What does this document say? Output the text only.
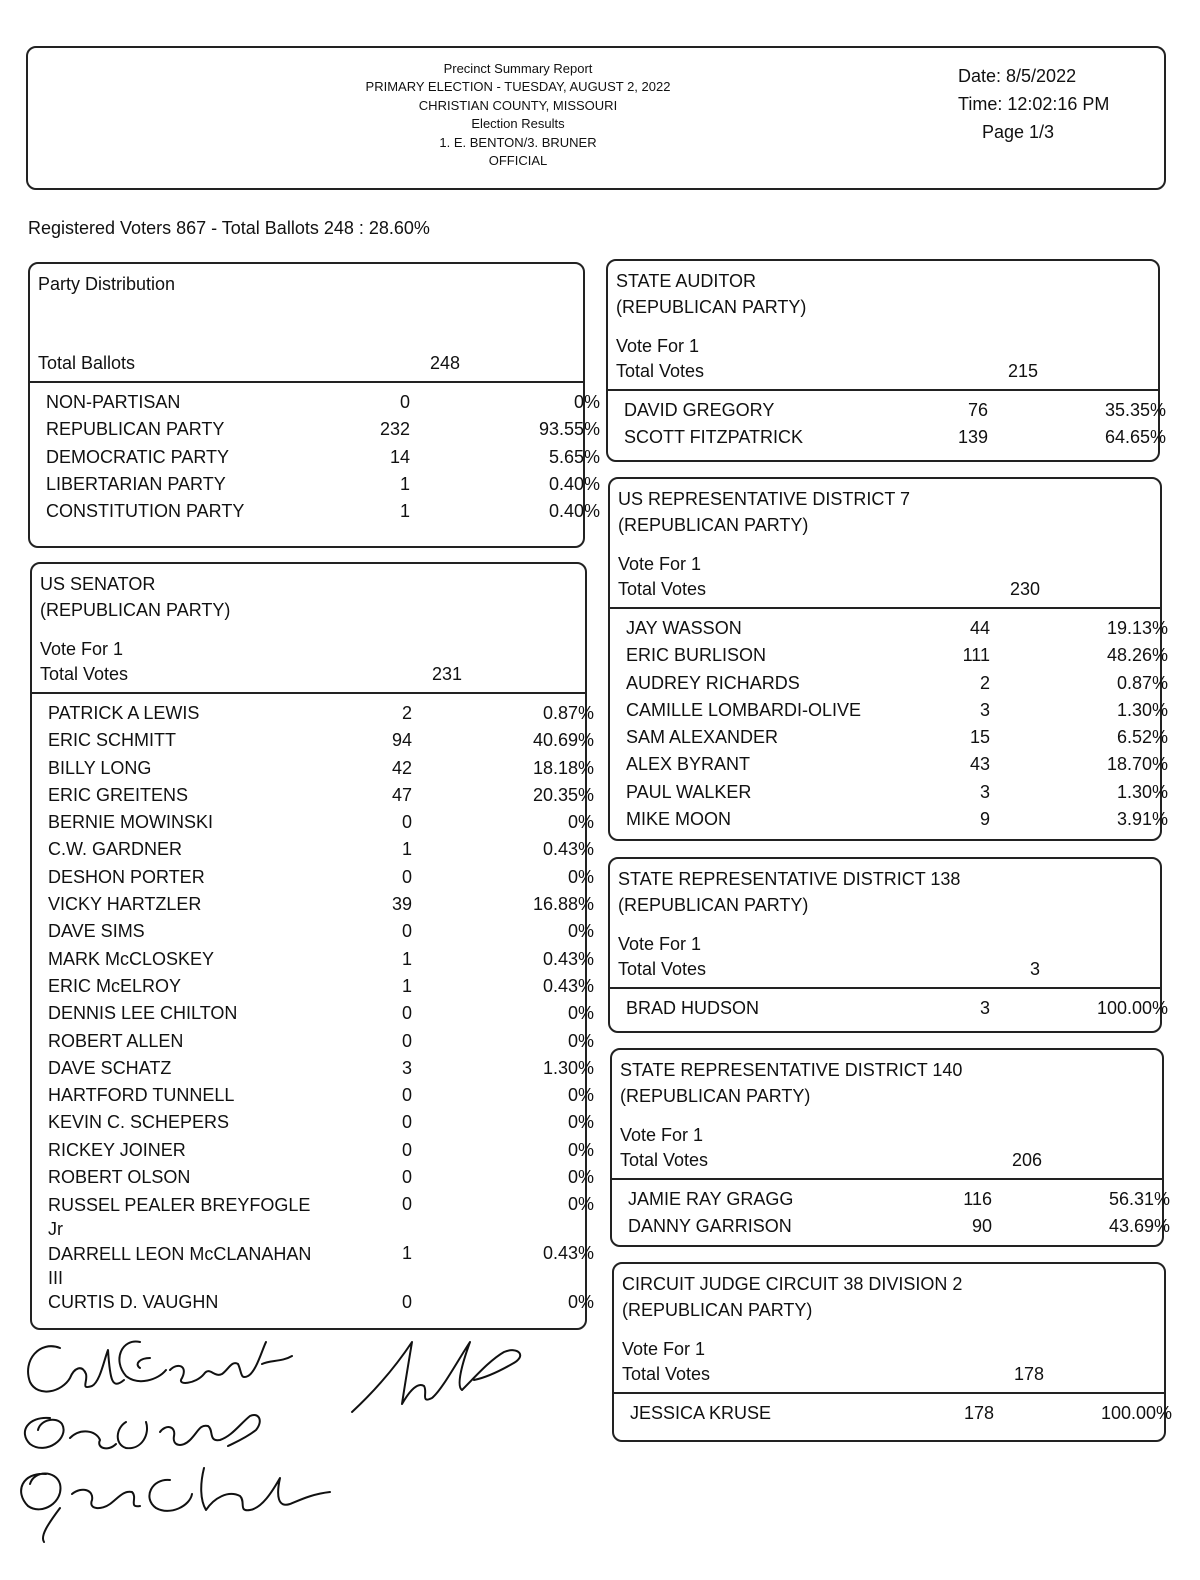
Precinct Summary Report
PRIMARY ELECTION - TUESDAY, AUGUST 2, 2022
CHRISTIAN COUNTY, MISSOURI
Election Results
1. E. BENTON/3. BRUNER
OFFICIAL
Date: 8/5/2022
Time: 12:02:16 PM
Page 1/3
Registered Voters 867 - Total Ballots 248 : 28.60%
Party Distribution
Total Ballots	248
NON-PARTISAN	0	0%
REPUBLICAN PARTY	232	93.55%
DEMOCRATIC PARTY	14	5.65%
LIBERTARIAN PARTY	1	0.40%
CONSTITUTION PARTY	1	0.40%
US SENATOR
(REPUBLICAN PARTY)
Vote For 1
Total Votes	231
PATRICK A LEWIS	2	0.87%
ERIC SCHMITT	94	40.69%
BILLY LONG	42	18.18%
ERIC GREITENS	47	20.35%
BERNIE MOWINSKI	0	0%
C.W. GARDNER	1	0.43%
DESHON PORTER	0	0%
VICKY HARTZLER	39	16.88%
DAVE SIMS	0	0%
MARK McCLOSKEY	1	0.43%
ERIC McELROY	1	0.43%
DENNIS LEE CHILTON	0	0%
ROBERT ALLEN	0	0%
DAVE SCHATZ	3	1.30%
HARTFORD TUNNELL	0	0%
KEVIN C. SCHEPERS	0	0%
RICKEY JOINER	0	0%
ROBERT OLSON	0	0%
RUSSEL PEALER BREYFOGLE
Jr
0	0%
DARRELL LEON McCLANAHAN
III
1	0.43%
CURTIS D. VAUGHN	0	0%
STATE AUDITOR
(REPUBLICAN PARTY)
Vote For 1
Total Votes	215
DAVID GREGORY	76	35.35%
SCOTT FITZPATRICK	139	64.65%
US REPRESENTATIVE DISTRICT 7
(REPUBLICAN PARTY)
Vote For 1
Total Votes	230
JAY WASSON	44	19.13%
ERIC BURLISON	111	48.26%
AUDREY RICHARDS	2	0.87%
CAMILLE LOMBARDI-OLIVE	3	1.30%
SAM ALEXANDER	15	6.52%
ALEX BYRANT	43	18.70%
PAUL WALKER	3	1.30%
MIKE MOON	9	3.91%
STATE REPRESENTATIVE DISTRICT 138
(REPUBLICAN PARTY)
Vote For 1
Total Votes	3
BRAD HUDSON	3	100.00%
STATE REPRESENTATIVE DISTRICT 140
(REPUBLICAN PARTY)
Vote For 1
Total Votes	206
JAMIE RAY GRAGG	116	56.31%
DANNY GARRISON	90	43.69%
CIRCUIT JUDGE CIRCUIT 38 DIVISION 2
(REPUBLICAN PARTY)
Vote For 1
Total Votes	178
JESSICA KRUSE	178	100.00%
